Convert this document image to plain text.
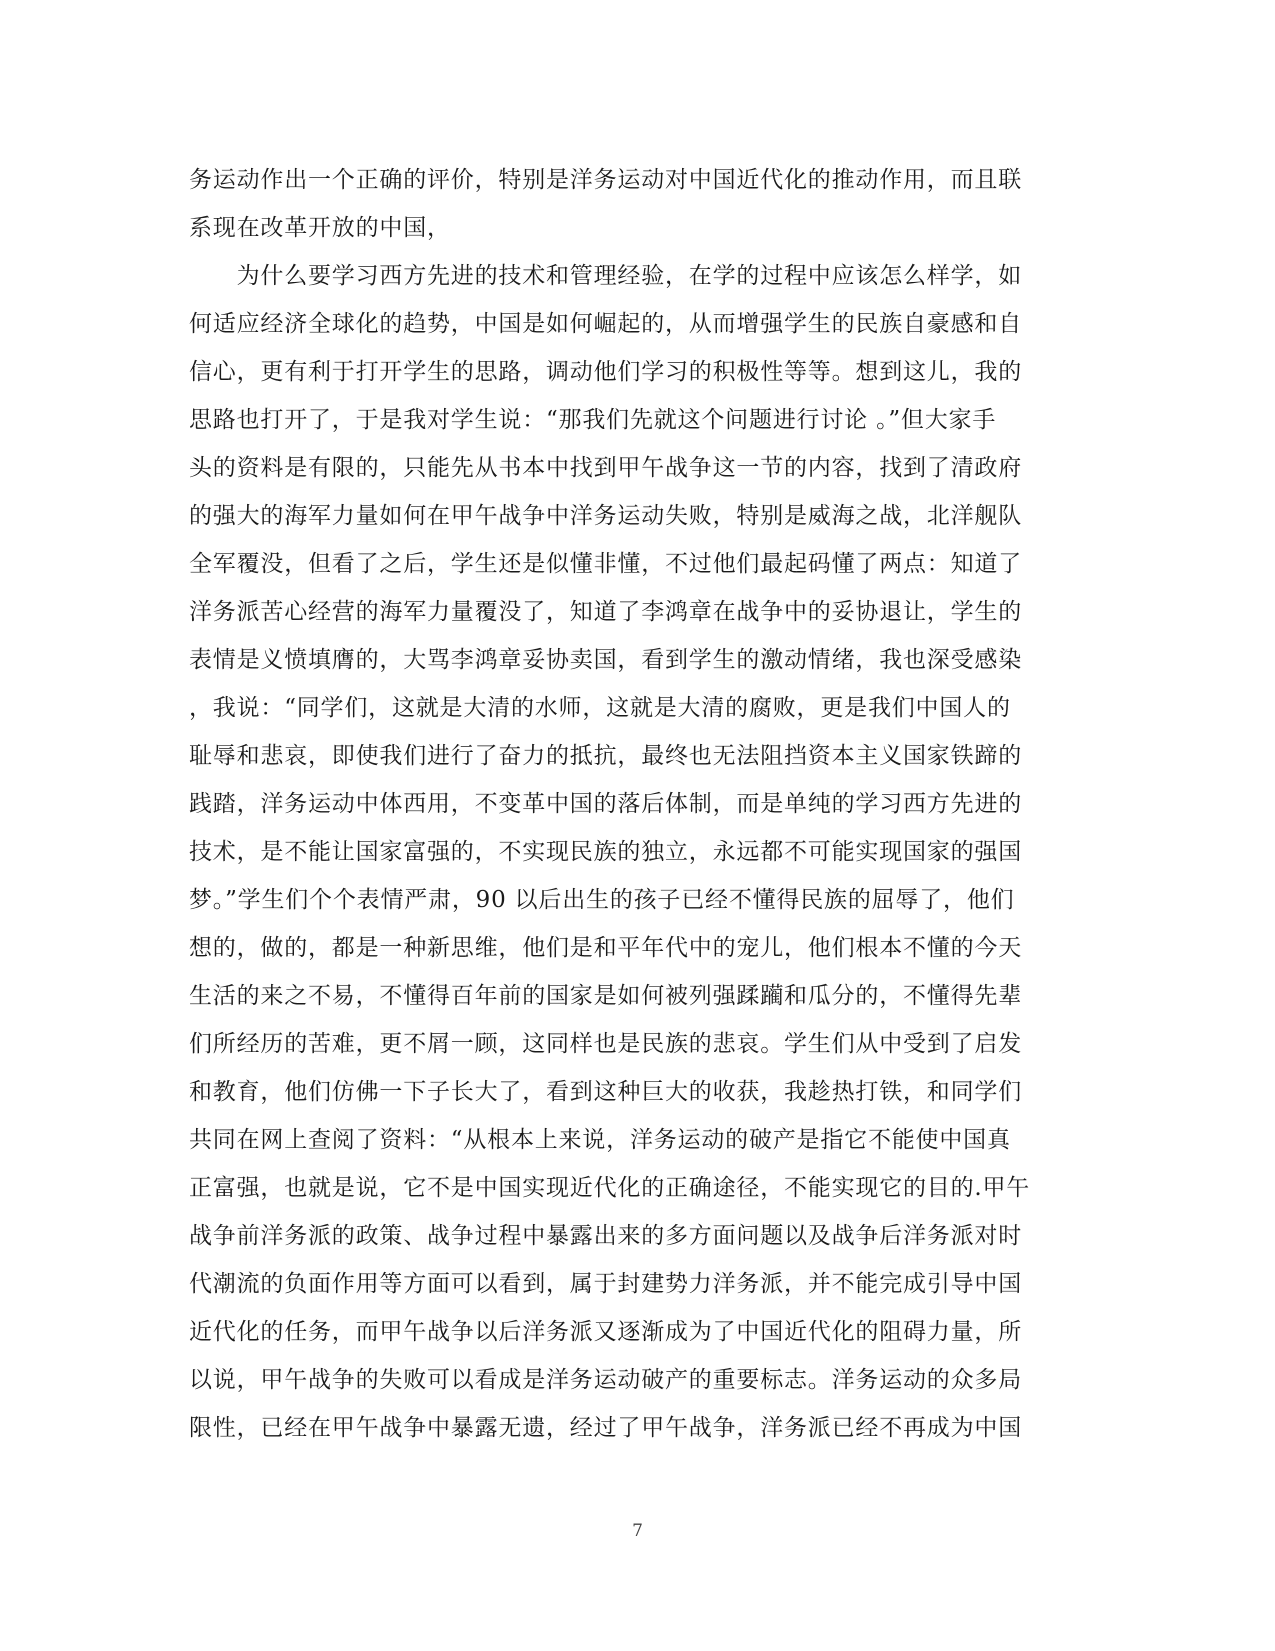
务运动作出一个正确的评价，特别是洋务运动对中国近代化的推动作用，而且联
系现在改革开放的中国，
　　为什么要学习西方先进的技术和管理经验，在学的过程中应该怎么样学，如
何适应经济全球化的趋势，中国是如何崛起的，从而增强学生的民族自豪感和自
信心，更有利于打开学生的思路，调动他们学习的积极性等等。想到这儿，我的
思路也打开了，于是我对学生说：“那我们先就这个问题进行讨论 。”但大家手
头的资料是有限的，只能先从书本中找到甲午战争这一节的内容，找到了清政府
的强大的海军力量如何在甲午战争中洋务运动失败，特别是威海之战，北洋舰队
全军覆没，但看了之后，学生还是似懂非懂，不过他们最起码懂了两点：知道了
洋务派苦心经营的海军力量覆没了，知道了李鸿章在战争中的妥协退让，学生的
表情是义愤填膺的，大骂李鸿章妥协卖国，看到学生的激动情绪，我也深受感染
，我说：“同学们，这就是大清的水师，这就是大清的腐败，更是我们中国人的
耻辱和悲哀，即使我们进行了奋力的抵抗，最终也无法阻挡资本主义国家铁蹄的
践踏，洋务运动中体西用，不变革中国的落后体制，而是单纯的学习西方先进的
技术，是不能让国家富强的，不实现民族的独立，永远都不可能实现国家的强国
梦。”学生们个个表情严肃，90 以后出生的孩子已经不懂得民族的屈辱了，他们
想的，做的，都是一种新思维，他们是和平年代中的宠儿，他们根本不懂的今天
生活的来之不易，不懂得百年前的国家是如何被列强蹂躏和瓜分的，不懂得先辈
们所经历的苦难，更不屑一顾，这同样也是民族的悲哀。学生们从中受到了启发
和教育，他们仿佛一下子长大了，看到这种巨大的收获，我趁热打铁，和同学们
共同在网上查阅了资料：“从根本上来说，洋务运动的破产是指它不能使中国真
正富强，也就是说，它不是中国实现近代化的正确途径，不能实现它的目的.甲午
战争前洋务派的政策、战争过程中暴露出来的多方面问题以及战争后洋务派对时
代潮流的负面作用等方面可以看到，属于封建势力洋务派，并不能完成引导中国
近代化的任务，而甲午战争以后洋务派又逐渐成为了中国近代化的阻碍力量，所
以说，甲午战争的失败可以看成是洋务运动破产的重要标志。洋务运动的众多局
限性，已经在甲午战争中暴露无遗，经过了甲午战争，洋务派已经不再成为中国
7
